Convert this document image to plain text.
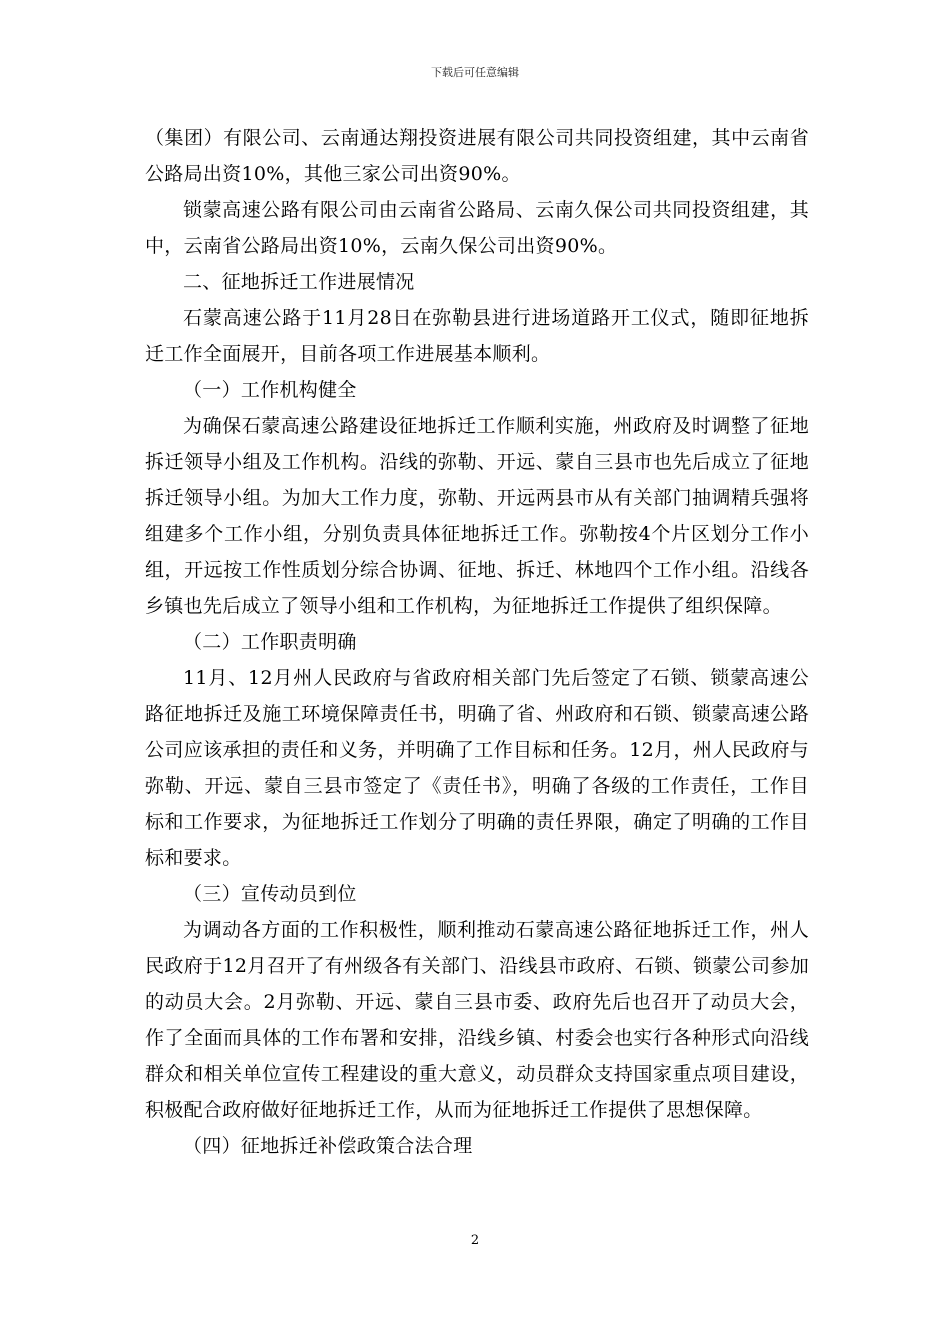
下载后可任意编辑

（集团）有限公司、云南通达翔投资进展有限公司共同投资组建，其中云南省公路局出资10%，其他三家公司出资90%。

锁蒙高速公路有限公司由云南省公路局、云南久保公司共同投资组建，其中，云南省公路局出资10%，云南久保公司出资90%。

二、征地拆迁工作进展情况

石蒙高速公路于11月28日在弥勒县进行进场道路开工仪式，随即征地拆迁工作全面展开，目前各项工作进展基本顺利。

（一）工作机构健全

为确保石蒙高速公路建设征地拆迁工作顺利实施，州政府及时调整了征地拆迁领导小组及工作机构。沿线的弥勒、开远、蒙自三县市也先后成立了征地拆迁领导小组。为加大工作力度，弥勒、开远两县市从有关部门抽调精兵强将组建多个工作小组，分别负责具体征地拆迁工作。弥勒按4个片区划分工作小组，开远按工作性质划分综合协调、征地、拆迁、林地四个工作小组。沿线各乡镇也先后成立了领导小组和工作机构，为征地拆迁工作提供了组织保障。

（二）工作职责明确

11月、12月州人民政府与省政府相关部门先后签定了石锁、锁蒙高速公路征地拆迁及施工环境保障责任书，明确了省、州政府和石锁、锁蒙高速公路公司应该承担的责任和义务，并明确了工作目标和任务。12月，州人民政府与弥勒、开远、蒙自三县市签定了《责任书》，明确了各级的工作责任，工作目标和工作要求，为征地拆迁工作划分了明确的责任界限，确定了明确的工作目标和要求。

（三）宣传动员到位

为调动各方面的工作积极性，顺利推动石蒙高速公路征地拆迁工作，州人民政府于12月召开了有州级各有关部门、沿线县市政府、石锁、锁蒙公司参加的动员大会。2月弥勒、开远、蒙自三县市委、政府先后也召开了动员大会，作了全面而具体的工作布署和安排，沿线乡镇、村委会也实行各种形式向沿线群众和相关单位宣传工程建设的重大意义，动员群众支持国家重点项目建设，积极配合政府做好征地拆迁工作，从而为征地拆迁工作提供了思想保障。

（四）征地拆迁补偿政策合法合理

2
